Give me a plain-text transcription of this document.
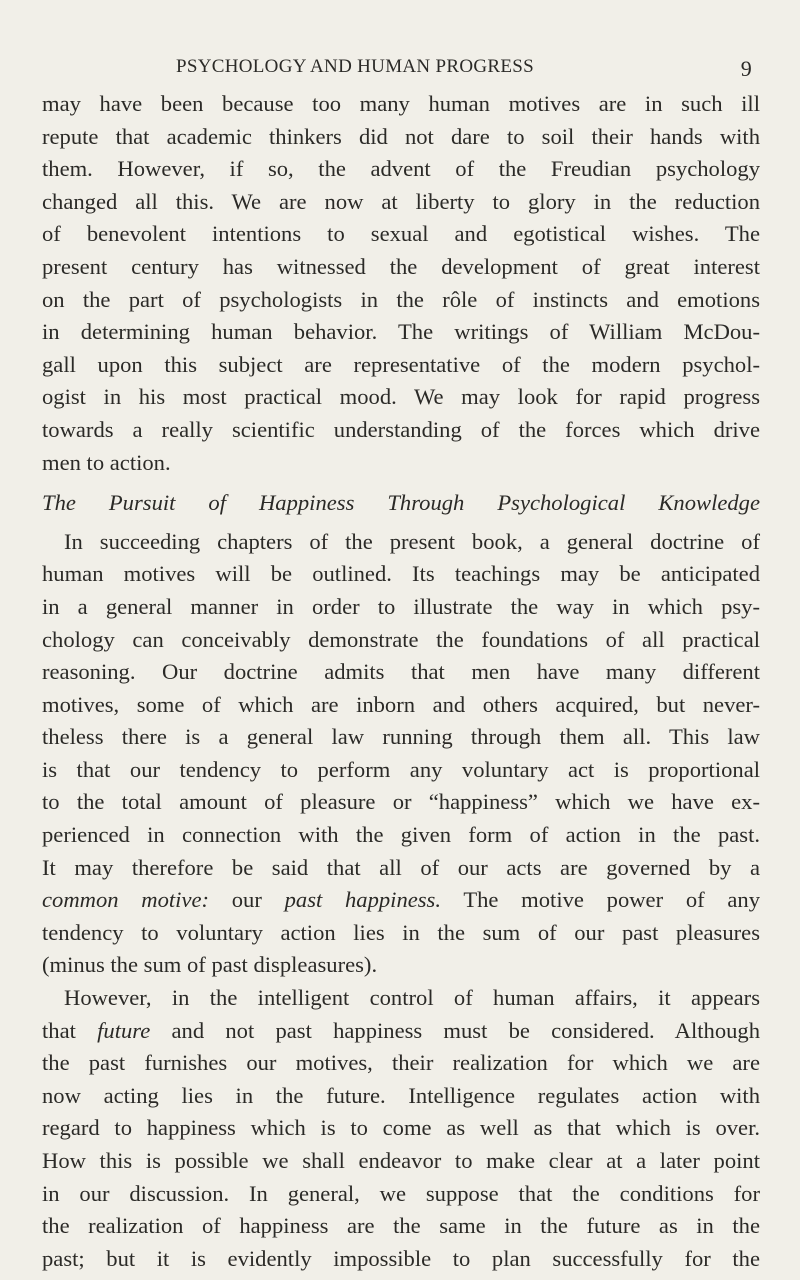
PSYCHOLOGY AND HUMAN PROGRESS	9
may have been because too many human motives are in such ill
repute that academic thinkers did not dare to soil their hands with
them. However, if so, the advent of the Freudian psychology
changed all this. We are now at liberty to glory in the reduction
of benevolent intentions to sexual and egotistical wishes. The
present century has witnessed the development of great interest
on the part of psychologists in the rôle of instincts and emotions
in determining human behavior. The writings of William McDou-
gall upon this subject are representative of the modern psychol-
ogist in his most practical mood. We may look for rapid progress
towards a really scientific understanding of the forces which drive
men to action.
The Pursuit of Happiness Through Psychological Knowledge
In succeeding chapters of the present book, a general doctrine of
human motives will be outlined. Its teachings may be anticipated
in a general manner in order to illustrate the way in which psy-
chology can conceivably demonstrate the foundations of all practical
reasoning. Our doctrine admits that men have many different
motives, some of which are inborn and others acquired, but never-
theless there is a general law running through them all. This law
is that our tendency to perform any voluntary act is proportional
to the total amount of pleasure or “happiness” which we have ex-
perienced in connection with the given form of action in the past.
It may therefore be said that all of our acts are governed by a
common motive: our past happiness. The motive power of any
tendency to voluntary action lies in the sum of our past pleasures
(minus the sum of past displeasures).
However, in the intelligent control of human affairs, it appears
that future and not past happiness must be considered. Although
the past furnishes our motives, their realization for which we are
now acting lies in the future. Intelligence regulates action with
regard to happiness which is to come as well as that which is over.
How this is possible we shall endeavor to make clear at a later point
in our discussion. In general, we suppose that the conditions for
the realization of happiness are the same in the future as in the
past; but it is evidently impossible to plan successfully for the
